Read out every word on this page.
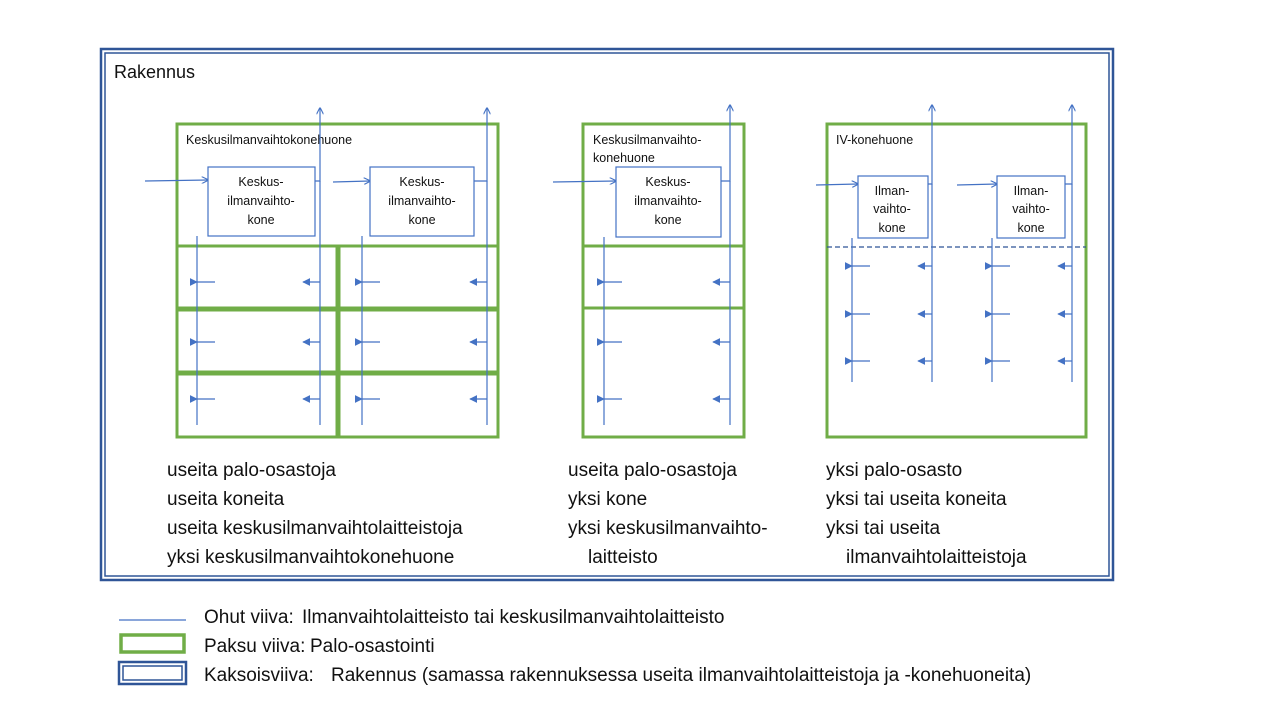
Rakennus
Keskusilmanvaihtokonehuone
Keskus-
ilmanvaihto-
kone
Keskus-
ilmanvaihto-
kone
useita palo-osastoja
useita koneita
useita keskusilmanvaihtolaitteistoja
yksi keskusilmanvaihtokonehuone
Keskusilmanvaihto-
konehuone
Keskus-
ilmanvaihto-
kone
useita palo-osastoja
yksi kone
yksi keskusilmanvaihto-
laitteisto
IV-konehuone
Ilman-
vaihto-
kone
Ilman-
vaihto-
kone
yksi palo-osasto
yksi tai useita koneita
yksi tai useita
ilmanvaihtolaitteistoja
Ohut viiva: Ilmanvaihtolaitteisto tai keskusilmanvaihtolaitteisto
Paksu viiva: Palo-osastointi
Kaksoisviiva: Rakennus (samassa rakennuksessa useita ilmanvaihtolaitteistoja ja -konehuoneita)
